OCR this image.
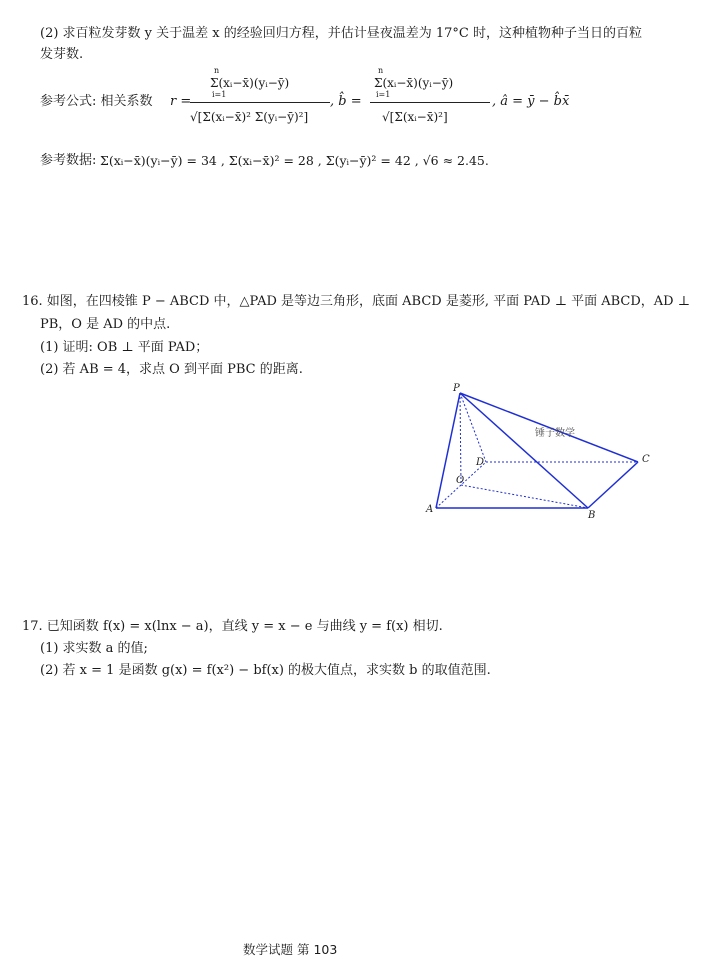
(2) 求百粒发芽数 y 关于温差 x 的经验回归方程，并估计昼夜温差为 17°C 时，这种植物种子当日的百粒
发芽数.
参考公式: 相关系数 r =
Σ(xᵢ−x̄)(yᵢ−ȳ)
n
i=1
√[Σ(xᵢ−x̄)² Σ(yᵢ−ȳ)²]
, b̂ =
Σ(xᵢ−x̄)(yᵢ−ȳ)
n
i=1
√[Σ(xᵢ−x̄)²]
, â = ȳ − b̂x̄
参考数据: Σ(xᵢ−x̄)(yᵢ−ȳ) = 34 , Σ(xᵢ−x̄)² = 28 , Σ(yᵢ−ȳ)² = 42 , √6 ≈ 2.45.
16. 如图，在四棱锥 P − ABCD 中，△PAD 是等边三角形，底面 ABCD 是菱形, 平面 PAD ⊥ 平面 ABCD，AD ⊥
PB，O 是 AD 的中点.
(1) 证明: OB ⊥ 平面 PAD；
(2) 若 AB = 4，求点 O 到平面 PBC 的距离.
P
A
B
C
D
O
锤子数学
17. 已知函数 f(x) = x(lnx − a)，直线 y = x − e 与曲线 y = f(x) 相切.
(1) 求实数 a 的值;
(2) 若 x = 1 是函数 g(x) = f(x²) − bf(x) 的极大值点，求实数 b 的取值范围.
数学试题 第 103
